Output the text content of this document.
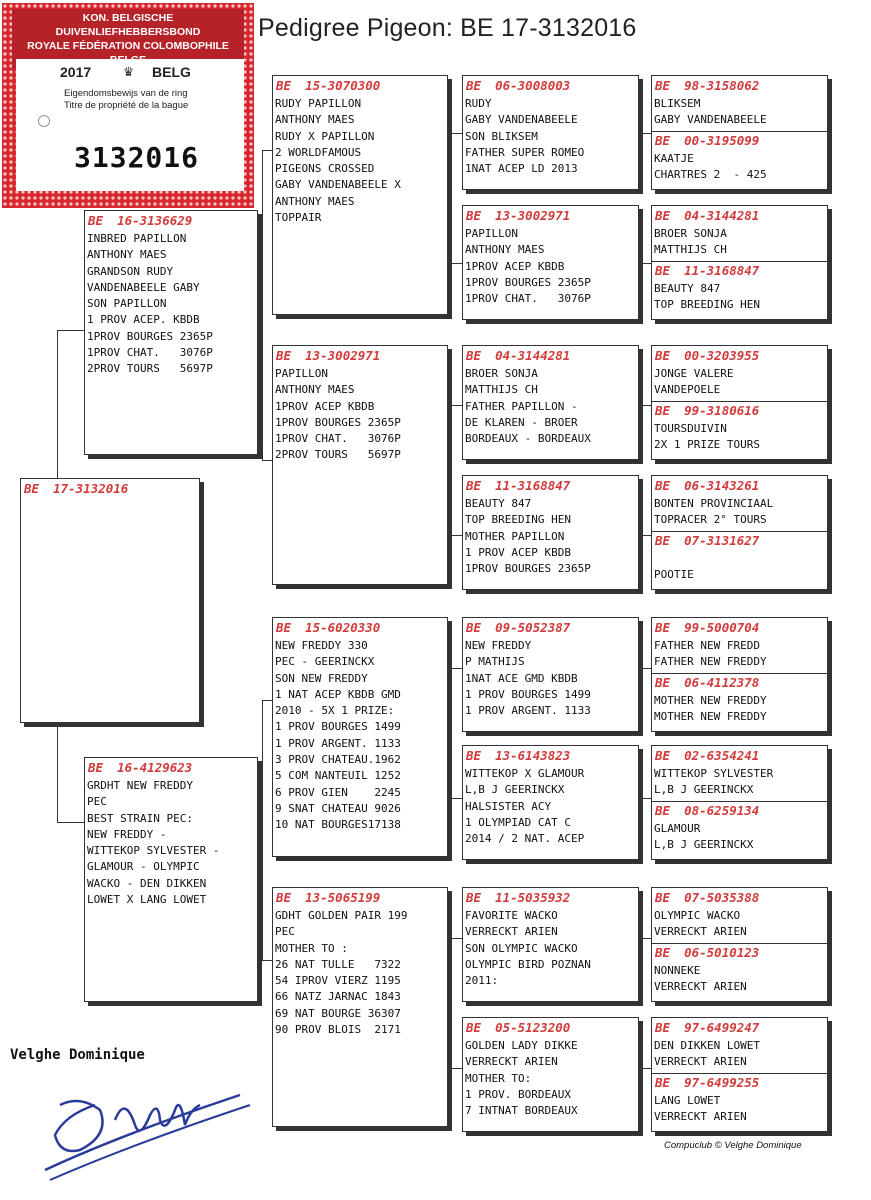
Pedigree Pigeon: BE 17-3132016
KON. BELGISCHE DUIVENLIEFHEBBERSBOND
ROYALE FÉDÉRATION COLOMBOPHILE
2017 ♛ BELG
Eigendomsbewijs van de ring
Titre de propriété de la bague
3132016
BE 17-3132016
BE 16-3136629
INBRED PAPILLON
ANTHONY MAES
GRANDSON RUDY
VANDENABEELE GABY
SON PAPILLON
1 PROV ACEP. KBDB
1PROV BOURGES 2365P
1PROV CHAT.   3076P
2PROV TOURS   5697P
BE 16-4129623
GRDHT NEW FREDDY
PEC
BEST STRAIN PEC:
NEW FREDDY -
WITTEKOP SYLVESTER -
GLAMOUR - OLYMPIC
WACKO - DEN DIKKEN
LOWET X LANG LOWET
BE 15-3070300
RUDY PAPILLON
ANTHONY MAES
RUDY X PAPILLON
2 WORLDFAMOUS
PIGEONS CROSSED
GABY VANDENABEELE X
ANTHONY MAES
TOPPAIR
BE 13-3002971
PAPILLON
ANTHONY MAES
1PROV ACEP KBDB
1PROV BOURGES 2365P
1PROV CHAT.   3076P
2PROV TOURS   5697P
BE 15-6020330
NEW FREDDY 330
PEC - GEERINCKX
SON NEW FREDDY
1 NAT ACEP KBDB GMD
2010 - 5X 1 PRIZE:
1 PROV BOURGES 1499
1 PROV ARGENT. 1133
3 PROV CHATEAU.1962
5 COM NANTEUIL 1252
6 PROV GIEN    2245
9 SNAT CHATEAU 9026
10 NAT BOURGES17138
BE 13-5065199
GDHT GOLDEN PAIR 199
PEC
MOTHER TO :
26 NAT TULLE   7322
54 IPROV VIERZ 1195
66 NATZ JARNAC 1843
69 NAT BOURGE 36307
90 PROV BLOIS  2171
BE 06-3008003
RUDY
GABY VANDENABEELE
SON BLIKSEM
FATHER SUPER ROMEO
1NAT ACEP LD 2013
BE 13-3002971
PAPILLON
ANTHONY MAES
1PROV ACEP KBDB
1PROV BOURGES 2365P
1PROV CHAT.   3076P
BE 04-3144281
BROER SONJA
MATTHIJS CH
FATHER PAPILLON -
DE KLAREN - BROER
BORDEAUX - BORDEAUX
BE 11-3168847
BEAUTY 847
TOP BREEDING HEN
MOTHER PAPILLON
1 PROV ACEP KBDB
1PROV BOURGES 2365P
BE 09-5052387
NEW FREDDY
P MATHIJS
1NAT ACE GMD KBDB
1 PROV BOURGES 1499
1 PROV ARGENT. 1133
BE 13-6143823
WITTEKOP X GLAMOUR
L,B J GEERINCKX
HALSISTER ACY
1 OLYMPIAD CAT C
2014 / 2 NAT. ACEP
BE 11-5035932
FAVORITE WACKO
VERRECKT ARIEN
SON OLYMPIC WACKO
OLYMPIC BIRD POZNAN
2011:
BE 05-5123200
GOLDEN LADY DIKKE
VERRECKT ARIEN
MOTHER TO:
1 PROV. BORDEAUX
7 INTNAT BORDEAUX
BE 98-3158062
BLIKSEM
GABY VANDENABEELE
BE 00-3195099
KAATJE
CHARTRES 2  - 425
BE 04-3144281
BROER SONJA
MATTHIJS CH
BE 11-3168847
BEAUTY 847
TOP BREEDING HEN
BE 00-3203955
JONGE VALERE
VANDEPOELE
BE 99-3180616
TOURSDUIVIN
2X 1 PRIZE TOURS
BE 06-3143261
BONTEN PROVINCIAAL
TOPRACER 2° TOURS
BE 07-3131627

POOTIE
BE 99-5000704
FATHER NEW FREDD
FATHER NEW FREDDY
BE 06-4112378
MOTHER NEW FREDDY
MOTHER NEW FREDDY
BE 02-6354241
WITTEKOP SYLVESTER
L,B J GEERINCKX
BE 08-6259134
GLAMOUR
L,B J GEERINCKX
BE 07-5035388
OLYMPIC WACKO
VERRECKT ARIEN
BE 06-5010123
NONNEKE
VERRECKT ARIEN
BE 97-6499247
DEN DIKKEN LOWET
VERRECKT ARIEN
BE 97-6499255
LANG LOWET
VERRECKT ARIEN
Velghe Dominique
Compuclub © Velghe Dominique
